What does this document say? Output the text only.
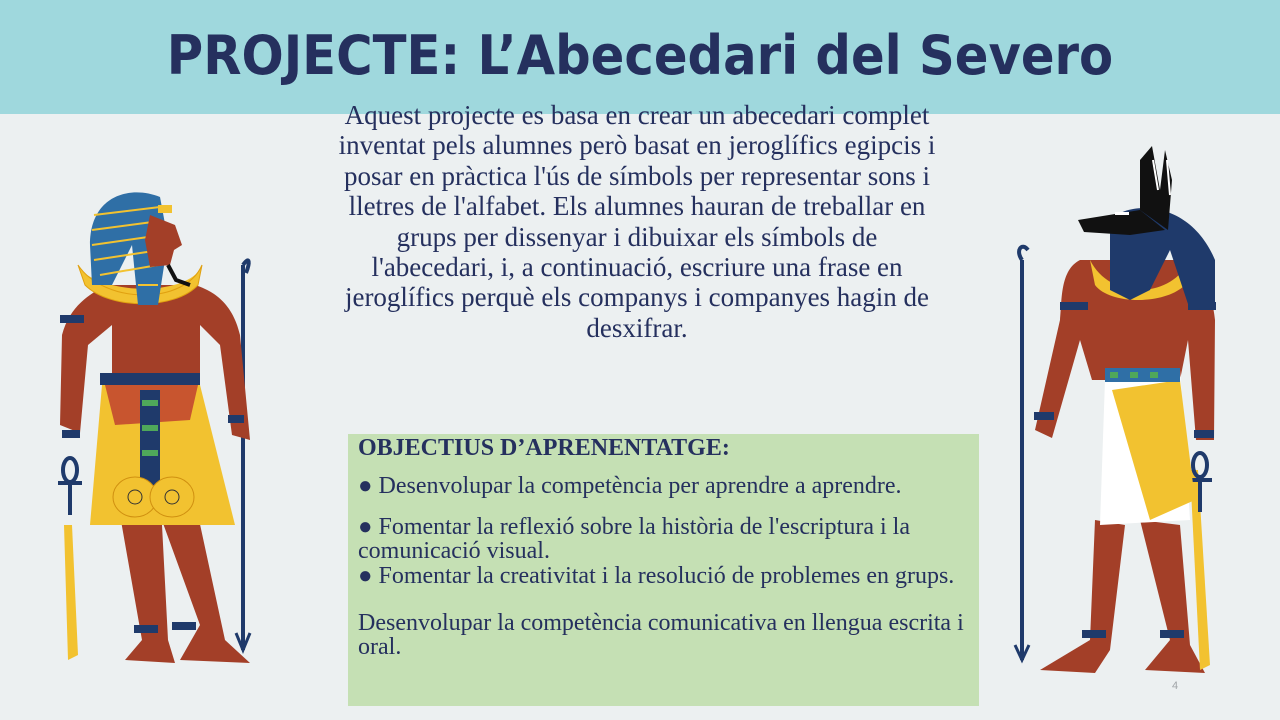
PROJECTE: L’Abecedari del Severo

Aquest projecte es basa en crear un abecedari complet inventat pels alumnes però basat en jeroglífics egipcis i posar en pràctica l'ús de símbols per representar sons i lletres de l'alfabet. Els alumnes hauran de treballar en grups per dissenyar i dibuixar els símbols de l'abecedari, i, a continuació, escriure una frase en jeroglífics perquè els companys i companyes hagin de desxifrar.

OBJECTIUS D’APRENENTATGE:

● Desenvolupar la competència per aprendre a aprendre.

● Fomentar la reflexió sobre la història de l'escriptura i la comunicació visual.

● Fomentar la creativitat i la resolució de problemes en grups.

Desenvolupar la competència comunicativa en llengua escrita i oral.

4
